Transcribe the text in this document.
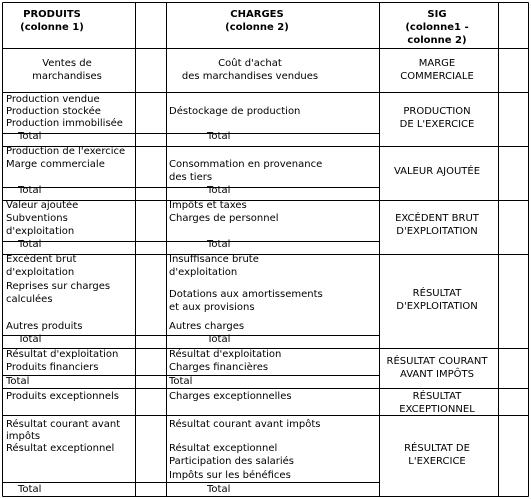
PRODUITS
(colonne 1)
CHARGES
(colonne 2)
SIG
(colonne1 -
colonne 2)
Ventes de
marchandises
Coût d'achat
des marchandises vendues
MARGE
COMMERCIALE
Production vendue
Production stockée
Production immobilisée
Total
Déstockage de production
Total
PRODUCTION
DE L'EXERCICE
Production de l'exercice
Marge commerciale
Total
Consommation en provenance
des tiers
Total
VALEUR AJOUTÉE
Valeur ajoutée
Subventions
d'exploitation
Total
Impôts et taxes
Charges de personnel
Total
EXCÉDENT BRUT
D'EXPLOITATION
Excédent brut
d'exploitation
Reprises sur charges
calculées
Autres produits
Total
Insuffisance brute
d'exploitation
Dotations aux amortissements
et aux provisions
Autres charges
Total
RÉSULTAT
D'EXPLOITATION
Résultat d'exploitation
Produits financiers
Total
Résultat d'exploitation
Charges financières
Total
RÉSULTAT COURANT
AVANT IMPÔTS
Produits exceptionnels	Charges exceptionnelles	RÉSULTAT
EXCEPTIONNEL
Résultat courant avant
impôts
Résultat exceptionnel
Total
Résultat courant avant impôts
Résultat exceptionnel
Participation des salariés
Impôts sur les bénéfices
Total
RÉSULTAT DE
L'EXERCICE
